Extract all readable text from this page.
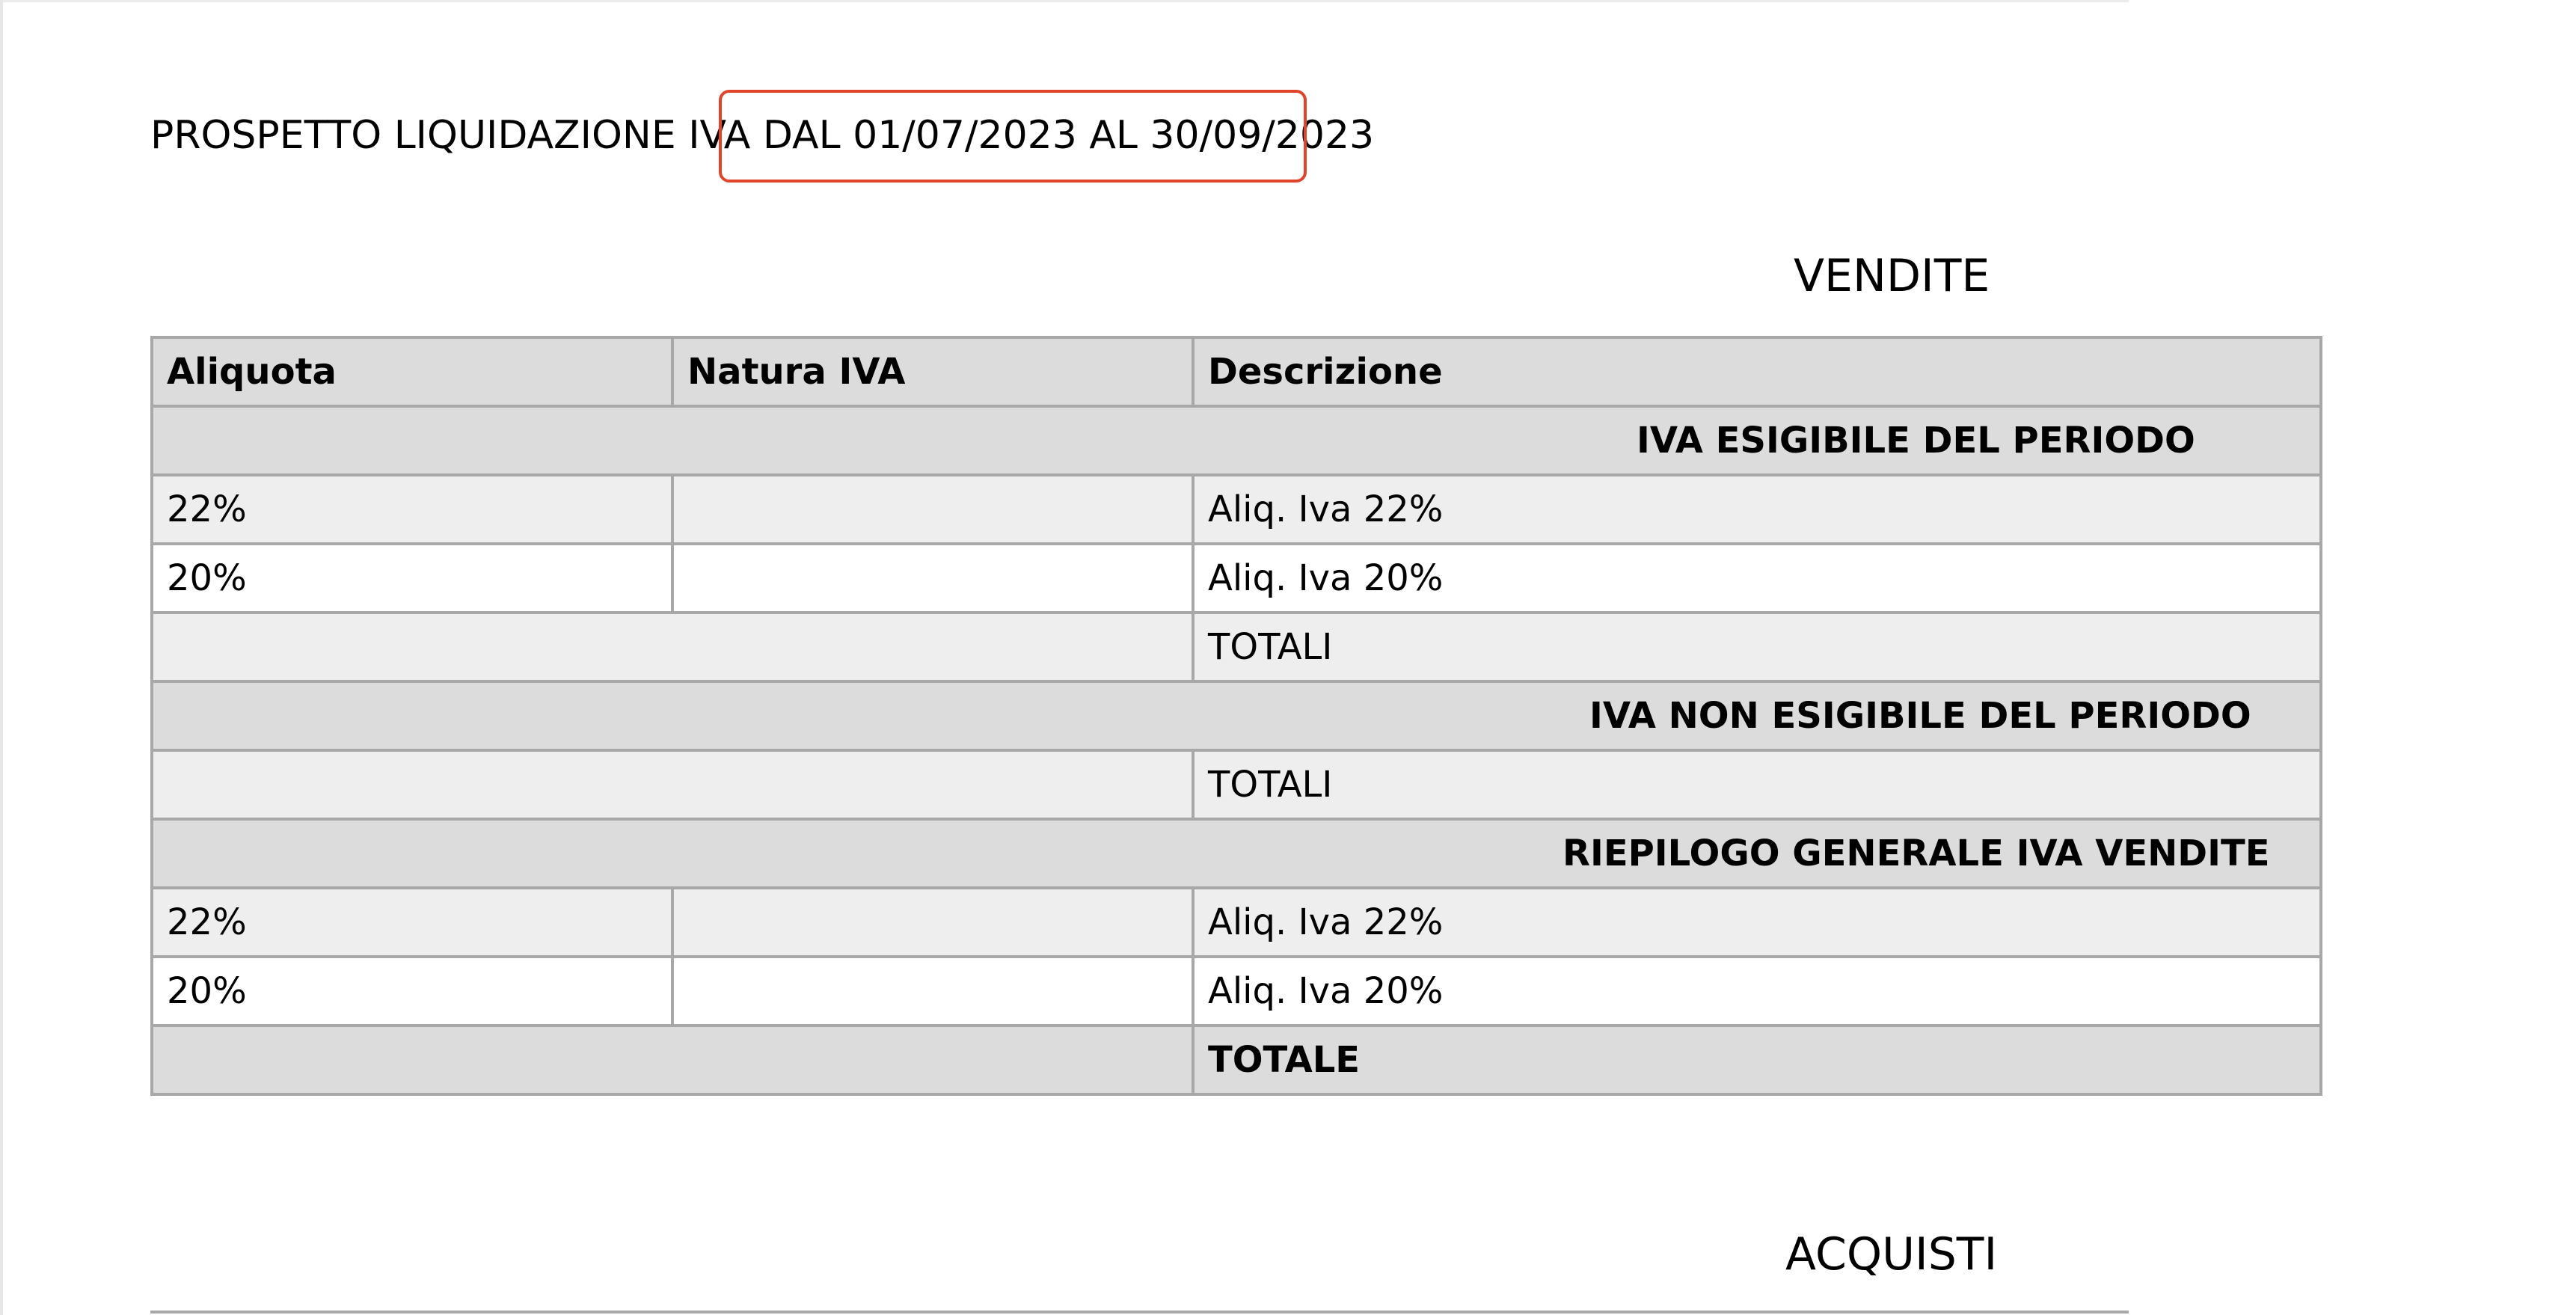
PROSPETTO LIQUIDAZIONE IVA DAL 01/07/2023 AL 30/09/2023
VENDITE
Aliquota	Natura IVA	Descrizione
IVA ESIGIBILE DEL PERIODO		
22%		Aliq. Iva 22%
20%		Aliq. Iva 20%
		TOTALI
IVA NON ESIGIBILE DEL PERIODO		
		TOTALI
RIEPILOGO GENERALE IVA VENDITE		
22%		Aliq. Iva 22%
20%		Aliq. Iva 20%
		TOTALE
ACQUISTI
